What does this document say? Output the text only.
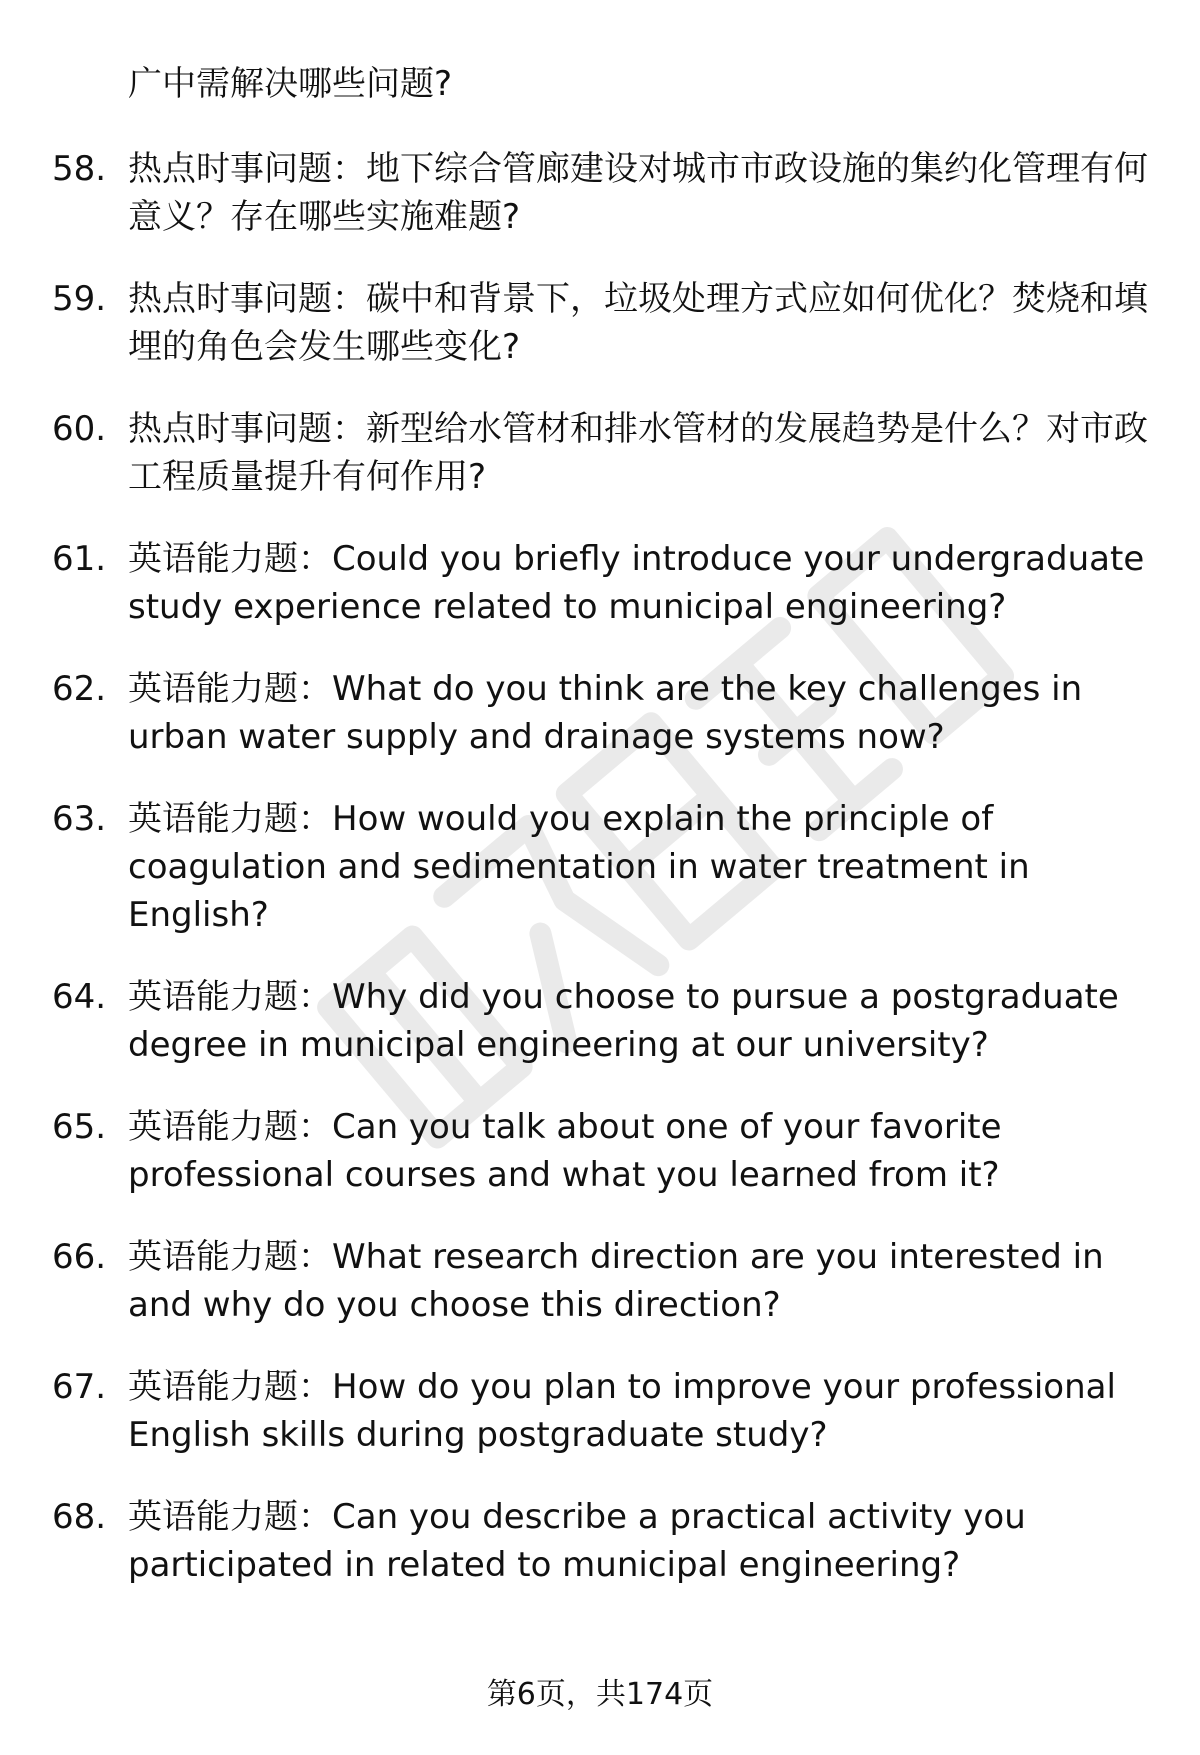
广中需解决哪些问题?
58. 热点时事问题：地下综合管廊建设对城市市政设施的集约化管理有何意义？存在哪些实施难题?
59. 热点时事问题：碳中和背景下，垃圾处理方式应如何优化？焚烧和填埋的角色会发生哪些变化?
60. 热点时事问题：新型给水管材和排水管材的发展趋势是什么？对市政工程质量提升有何作用?
61. 英语能力题：Could you briefly introduce your undergraduate study experience related to municipal engineering?
62. 英语能力题：What do you think are the key challenges in urban water supply and drainage systems now?
63. 英语能力题：How would you explain the principle of coagulation and sedimentation in water treatment in English?
64. 英语能力题：Why did you choose to pursue a postgraduate degree in municipal engineering at our university?
65. 英语能力题：Can you talk about one of your favorite professional courses and what you learned from it?
66. 英语能力题：What research direction are you interested in and why do you choose this direction?
67. 英语能力题：How do you plan to improve your professional English skills during postgraduate study?
68. 英语能力题：Can you describe a practical activity you participated in related to municipal engineering?
第6页，共174页
